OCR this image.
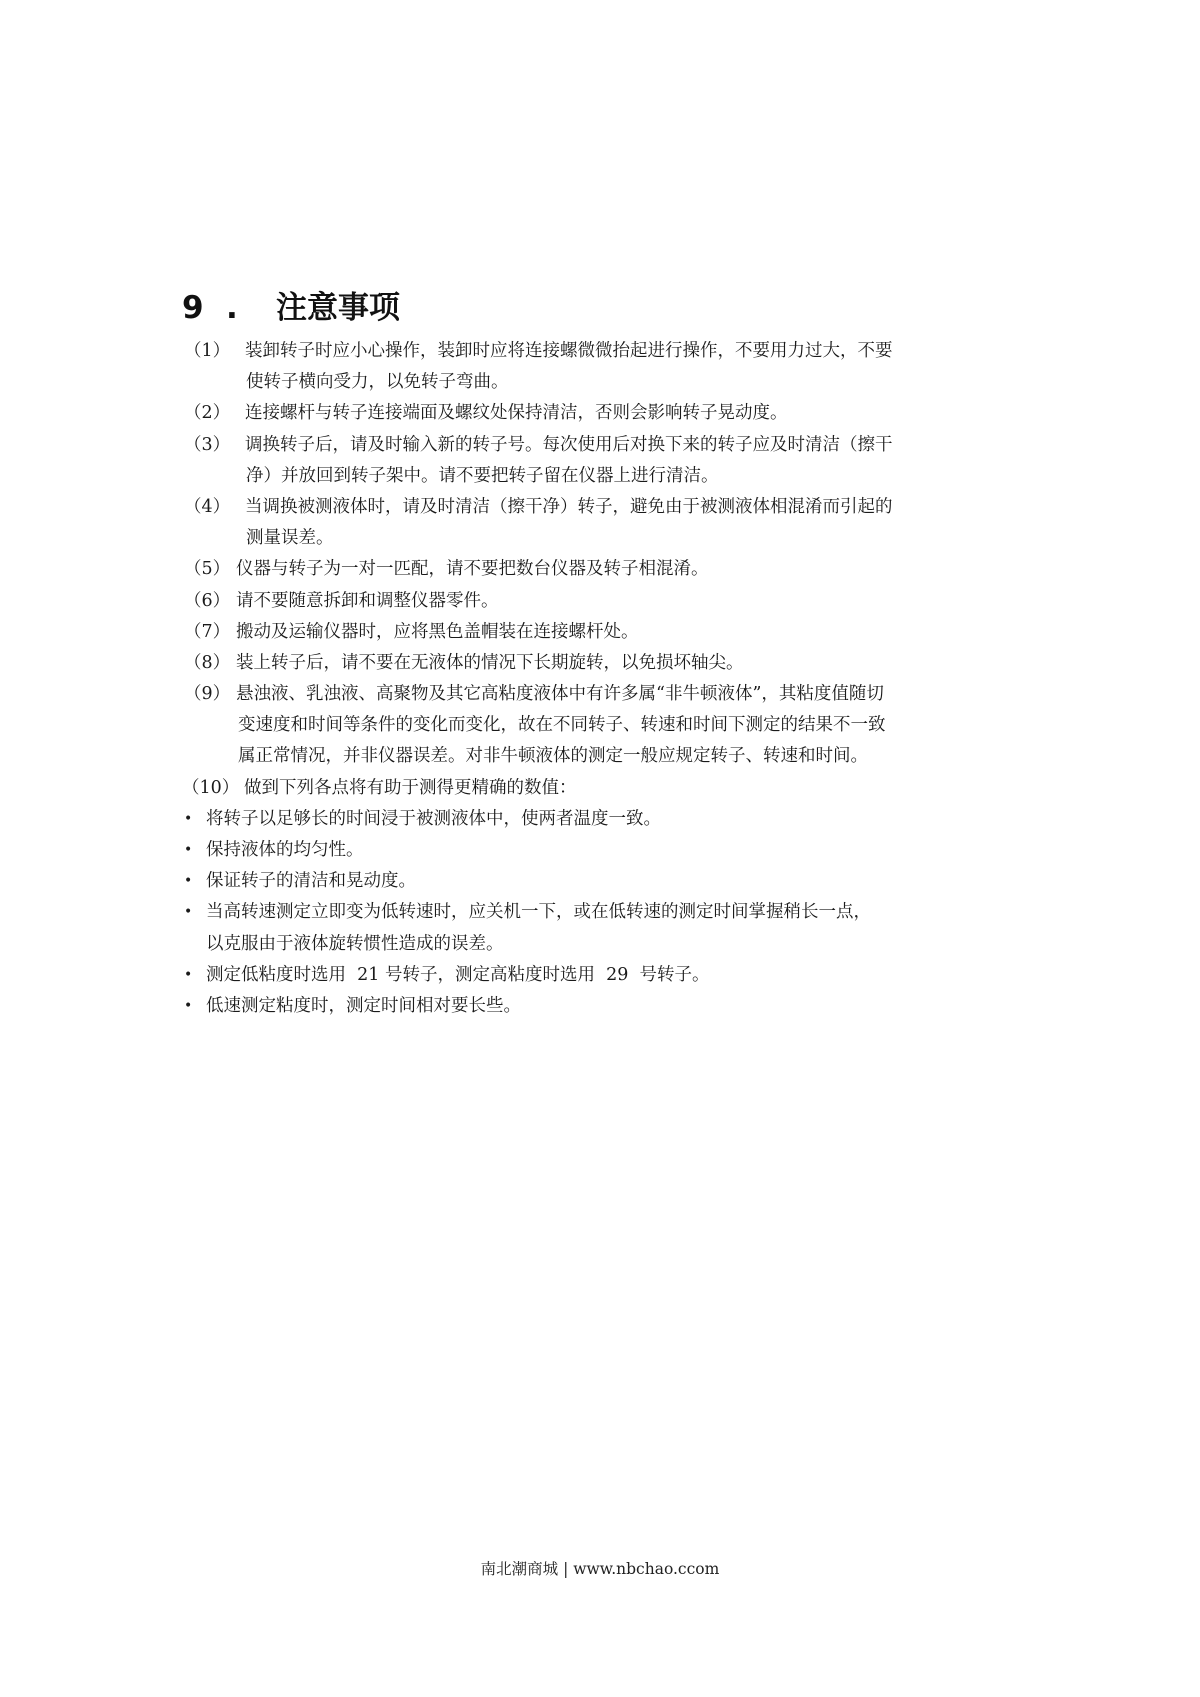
9 .	注意事项
（1） 装卸转子时应小心操作，装卸时应将连接螺微微抬起进行操作，不要用力过大，不要
使转子横向受力，以免转子弯曲。
（2） 连接螺杆与转子连接端面及螺纹处保持清洁，否则会影响转子晃动度。
（3） 调换转子后，请及时输入新的转子号。每次使用后对换下来的转子应及时清洁（擦干
净）并放回到转子架中。请不要把转子留在仪器上进行清洁。
（4） 当调换被测液体时，请及时清洁（擦干净）转子，避免由于被测液体相混淆而引起的
测量误差。
（5） 仪器与转子为一对一匹配，请不要把数台仪器及转子相混淆。
（6） 请不要随意拆卸和调整仪器零件。
（7） 搬动及运输仪器时，应将黑色盖帽装在连接螺杆处。
（8） 装上转子后，请不要在无液体的情况下长期旋转，以免损坏轴尖。
（9） 悬浊液、乳浊液、高聚物及其它高粘度液体中有许多属“非牛顿液体”，其粘度值随切
变速度和时间等条件的变化而变化，故在不同转子、转速和时间下测定的结果不一致
属正常情况，并非仪器误差。对非牛顿液体的测定一般应规定转子、转速和时间。
（10） 做到下列各点将有助于测得更精确的数值：
• 将转子以足够长的时间浸于被测液体中，使两者温度一致。
• 保持液体的均匀性。
• 保证转子的清洁和晃动度。
• 当高转速测定立即变为低转速时，应关机一下，或在低转速的测定时间掌握稍长一点，
以克服由于液体旋转惯性造成的误差。
• 测定低粘度时选用  21 号转子，测定高粘度时选用  29  号转子。
• 低速测定粘度时，测定时间相对要长些。
南北潮商城 | www.nbchao.ccom
